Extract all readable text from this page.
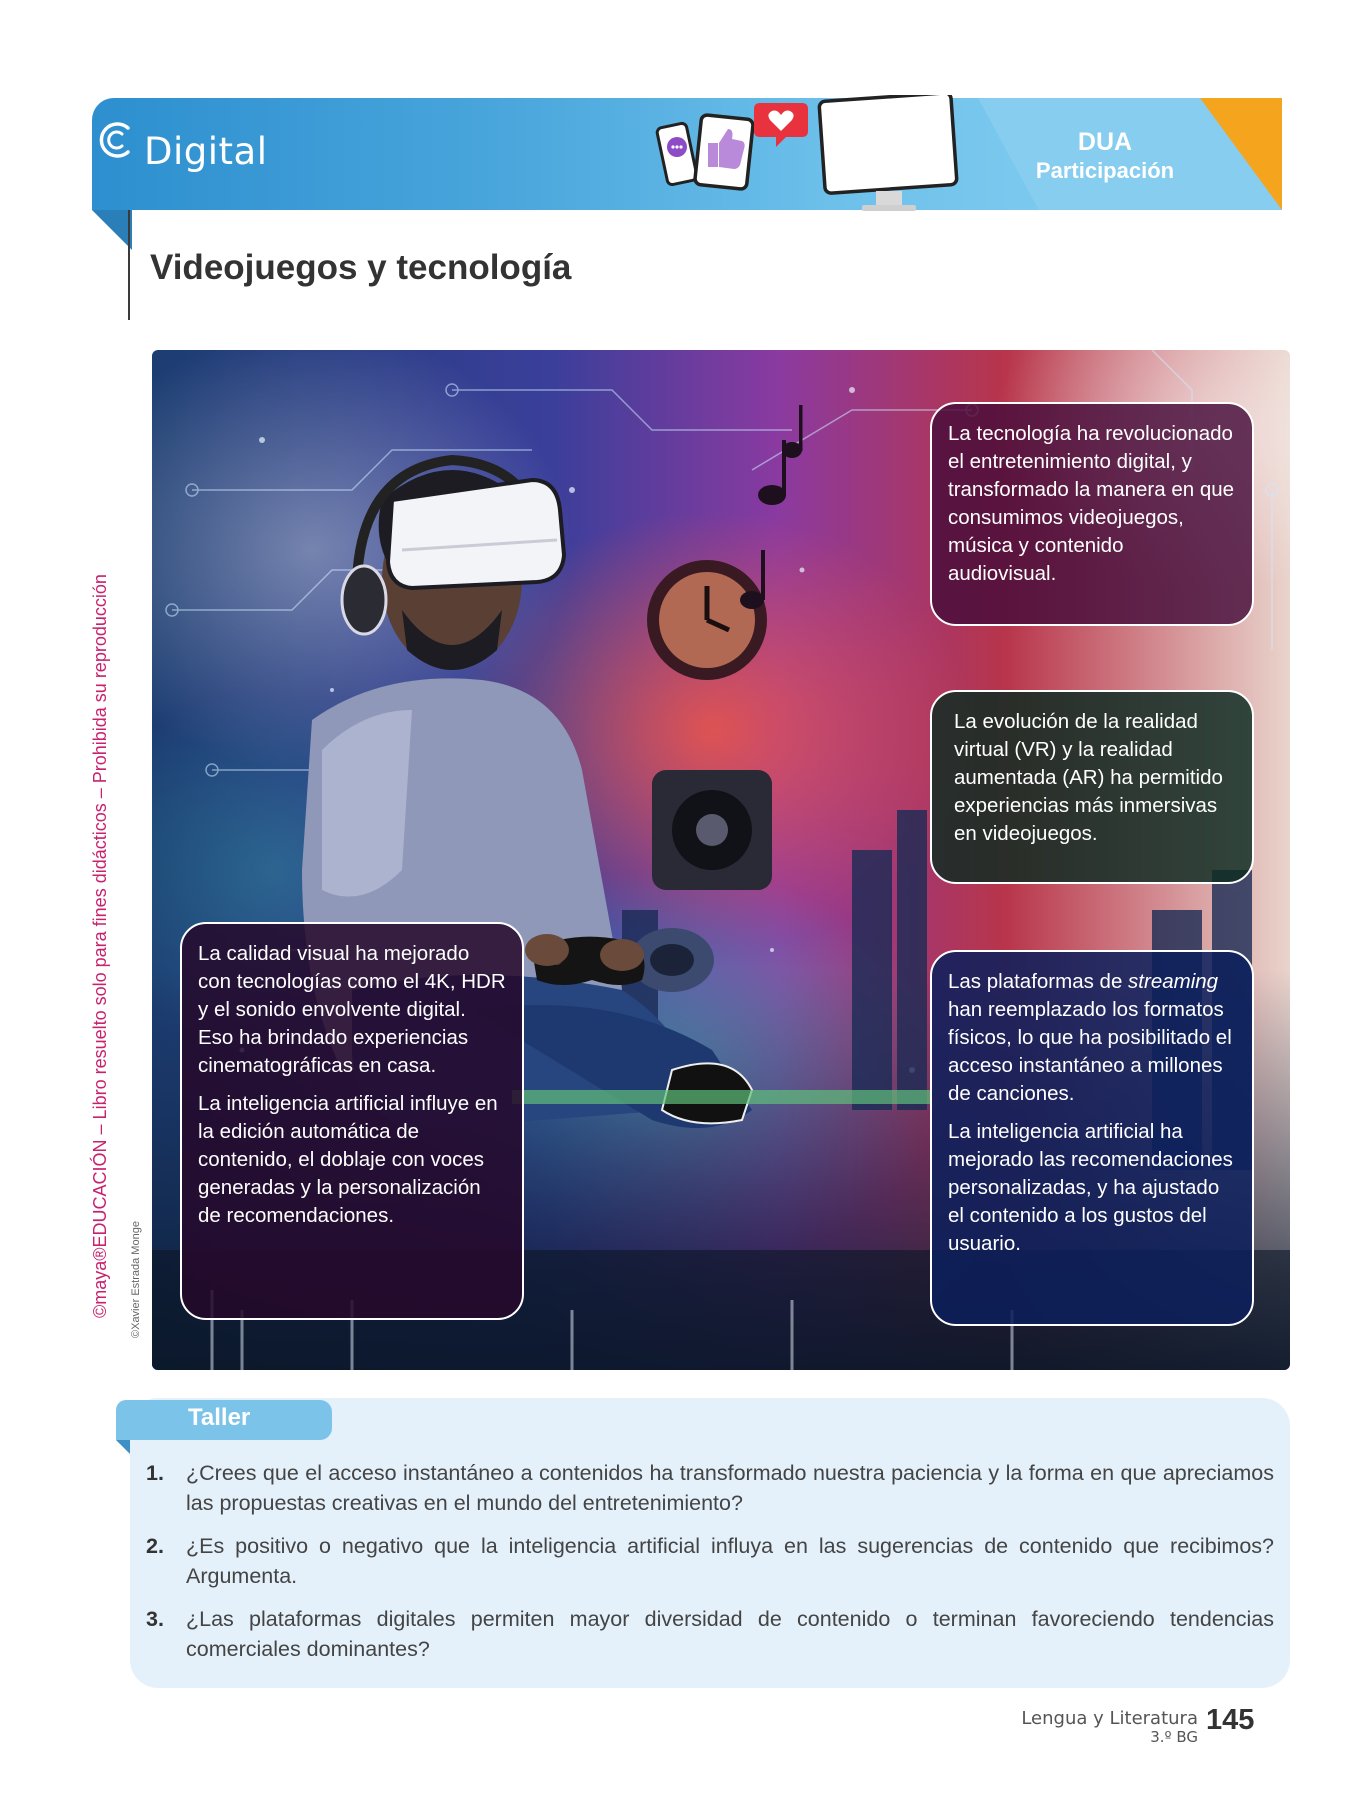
Digital	DUA
Participación
Videojuegos y tecnología
©maya®EDUCACIÓN – Libro resuelto solo para fines didácticos – Prohibida su reproducción ©Xavier Estrada Monge

La tecnología ha revolucionado el entretenimiento digital, y transformado la manera en que consumimos videojuegos, música y contenido audiovisual.

La evolución de la realidad virtual (VR) y la realidad aumentada (AR) ha permitido experiencias más inmersivas en videojuegos.

La calidad visual ha mejorado con tecnologías como el 4K, HDR y el sonido envolvente digital. Eso ha brindado experiencias cinematográficas en casa.

La inteligencia artificial influye en la edición automática de contenido, el doblaje con voces generadas y la personalización de recomendaciones.

Las plataformas de streaming han reemplazado los formatos físicos, lo que ha posibilitado el acceso instantáneo a millones de canciones.

La inteligencia artificial ha mejorado las recomendaciones personalizadas, y ha ajustado el contenido a los gustos del usuario.

Taller
1. ¿Crees que el acceso instantáneo a contenidos ha transformado nuestra paciencia y la forma en que apreciamos las propuestas creativas en el mundo del entretenimiento?
2. ¿Es positivo o negativo que la inteligencia artificial influya en las sugerencias de contenido que recibimos? Argumenta.
3. ¿Las plataformas digitales permiten mayor diversidad de contenido o terminan favoreciendo tendencias comerciales dominantes?
Lengua y Literatura
3.º BG
145
